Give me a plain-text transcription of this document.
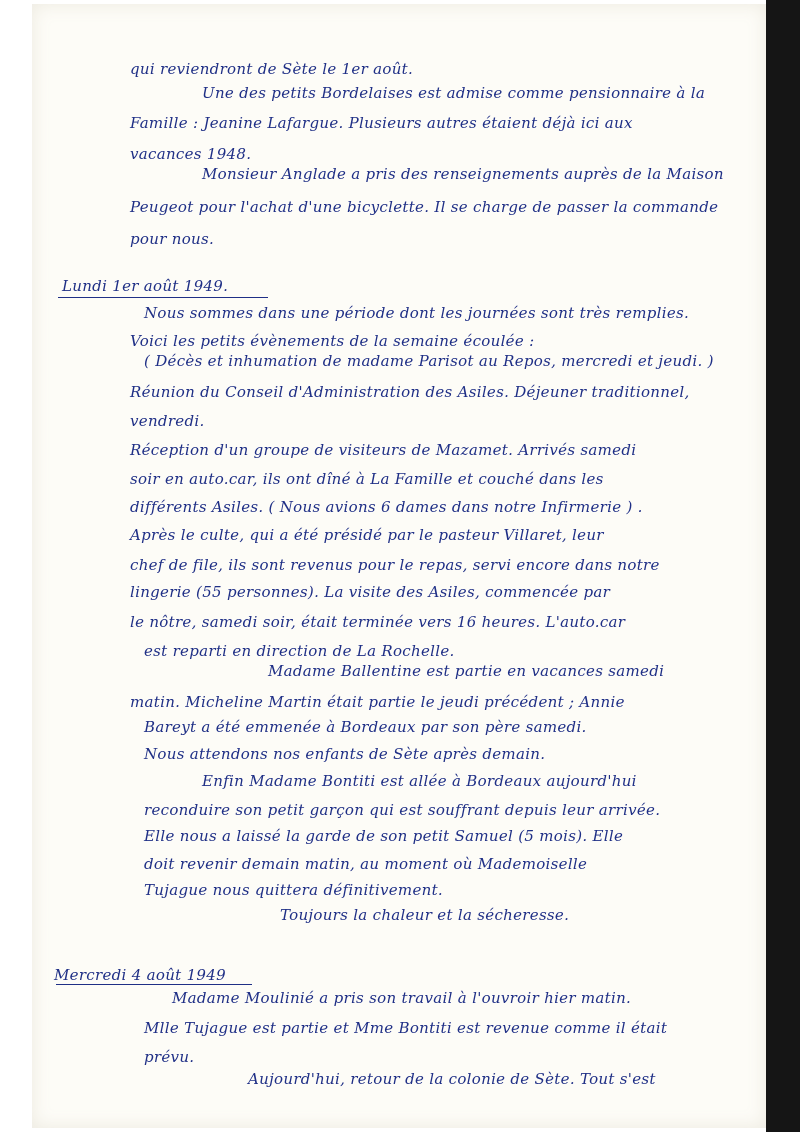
qui reviendront de Sète le 1er août.
Une des petits Bordelaises est admise comme pensionnaire à la
Famille : Jeanine Lafargue. Plusieurs autres étaient déjà ici aux
vacances 1948.
Monsieur Anglade a pris des renseignements auprès de la Maison
Peugeot pour l'achat d'une bicyclette. Il se charge de passer la commande
pour nous.
Lundi 1er août 1949.
Nous sommes dans une période dont les journées sont très remplies.
Voici les petits évènements de la semaine écoulée :
( Décès et inhumation de madame Parisot au Repos, mercredi et jeudi. )
Réunion du Conseil d'Administration des Asiles. Déjeuner traditionnel,
vendredi.
Réception d'un groupe de visiteurs de Mazamet. Arrivés samedi
soir en auto.car, ils ont dîné à La Famille et couché dans les
différents Asiles. ( Nous avions 6 dames dans notre Infirmerie ) .
Après le culte, qui a été présidé par le pasteur Villaret, leur
chef de file, ils sont revenus pour le repas, servi encore dans notre
lingerie (55 personnes). La visite des Asiles, commencée par
le nôtre, samedi soir, était terminée vers 16 heures. L'auto.car
est reparti en direction de La Rochelle.
Madame Ballentine est partie en vacances samedi
matin. Micheline Martin était partie le jeudi précédent ; Annie
Bareyt a été emmenée à Bordeaux par son père samedi.
Nous attendons nos enfants de Sète après demain.
Enfin Madame Bontiti est allée à Bordeaux aujourd'hui
reconduire son petit garçon qui est souffrant depuis leur arrivée.
Elle nous a laissé la garde de son petit Samuel (5 mois). Elle
doit revenir demain matin, au moment où Mademoiselle
Tujague nous quittera définitivement.
Toujours la chaleur et la sécheresse.
Mercredi 4 août 1949
Madame Moulinié a pris son travail à l'ouvroir hier matin.
Mlle Tujague est partie et Mme Bontiti est revenue comme il était
prévu.
Aujourd'hui, retour de la colonie de Sète. Tout s'est
